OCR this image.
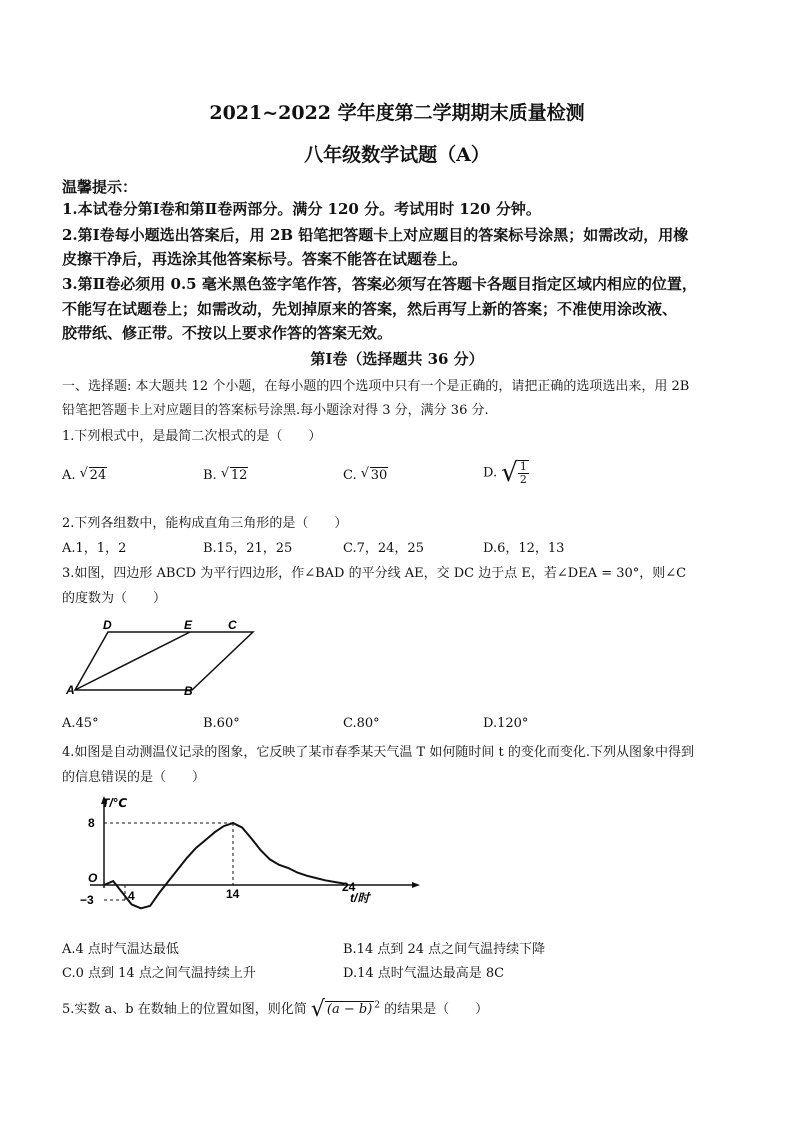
2021~2022 学年度第二学期期末质量检测
八年级数学试题（A）
温馨提示：
1.本试卷分第Ⅰ卷和第Ⅱ卷两部分。满分 120 分。考试用时 120 分钟。
2.第Ⅰ卷每小题选出答案后，用 2B 铅笔把答题卡上对应题目的答案标号涂黑；如需改动，用橡
皮擦干净后，再选涂其他答案标号。答案不能答在试题卷上。
3.第Ⅱ卷必须用 0.5 毫米黑色签字笔作答，答案必须写在答题卡各题目指定区域内相应的位置，
不能写在试题卷上；如需改动，先划掉原来的答案，然后再写上新的答案；不准使用涂改液、
胶带纸、修正带。不按以上要求作答的答案无效。
第Ⅰ卷（选择题共 36 分）
一、选择题: 本大题共 12 个小题，在每小题的四个选项中只有一个是正确的，请把正确的选项选出来，用 2B
铅笔把答题卡上对应题目的答案标号涂黑.每小题涂对得 3 分，满分 36 分.
1.下列根式中，是最简二次根式的是（　　）
A. √ 24	B. √ 12	C. √ 30	D. √ $\frac{1}{2}$
2.下列各组数中，能构成直角三角形的是（　　）
A.1，1，2	B.15，21，25	C.7，24，25	D.6，12，13
3.如图，四边形 ABCD 为平行四边形，作∠BAD 的平分线 AE，交 DC 边于点 E，若∠DEA = 30°，则∠C
的度数为（　　）
D	E	C
A	B
A.45°	B.60°	C.80°	D.120°
4.如图是自动测温仪记录的图象，它反映了某市春季某天气温 T 如何随时间 t 的变化而变化.下列从图象中得到
的信息错误的是（　　）
T/℃
t/时
8
O
−3	4	14	24
A.4 点时气温达最低	B.14 点到 24 点之间气温持续下降
C.0 点到 14 点之间气温持续上升	D.14 点时气温达最高是 8C
5.实数 a、b 在数轴上的位置如图，则化简 √ (a − b) $^2$ 的结果是（　　）
